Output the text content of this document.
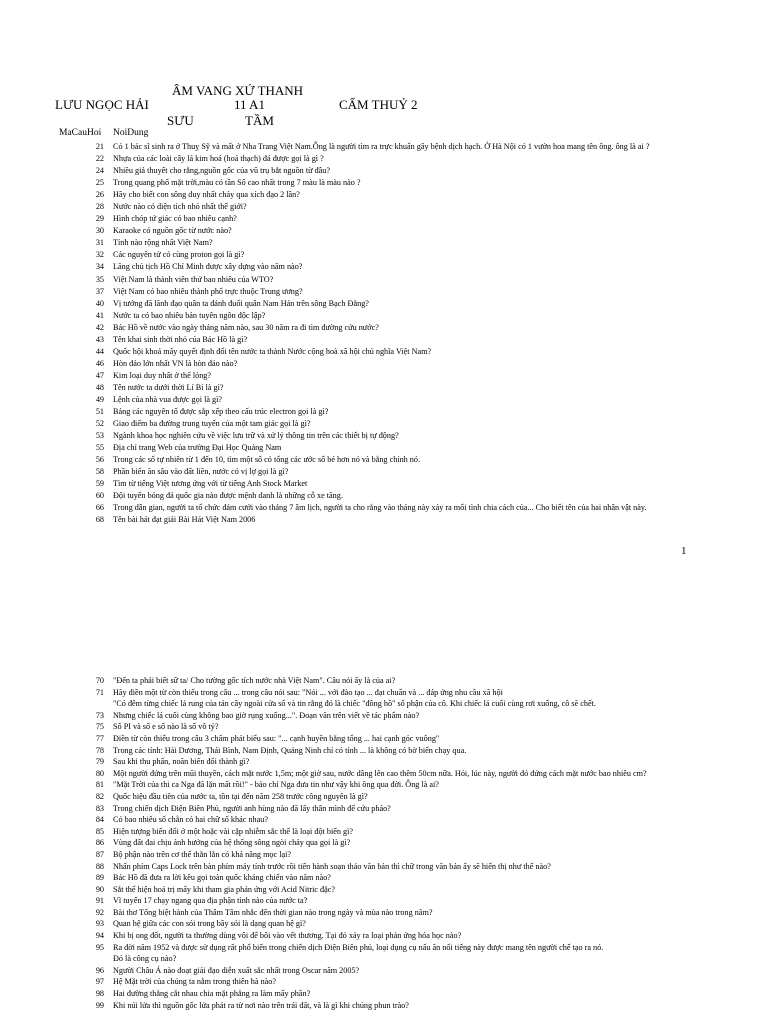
ÂM VANG XỨ THANH
LƯU NGỌC HẢI	11 A1	CẨM THUỶ 2
SƯU	TẦM
MaCauHoi NoiDung
21 Có 1 bác sĩ sinh ra ở Thuỵ Sỹ và mất ở Nha Trang Việt Nam.Ông là người tìm ra trực khuẩn gây bệnh dịch hạch. Ở Hà Nội có 1 vườn hoa mang tên ông. ông là ai ?
22 Nhựa của các loài cây lá kim hoá (hoá thạch) đá được gọi là gì ?
24 Nhiều giả thuyết cho rằng,nguồn gốc của vũ trụ bắt nguồn từ đâu?
25 Trong quang phổ mặt trời,màu có tần Số cao nhất trong 7 màu là màu nào ?
26 Hãy cho biết con sông duy nhất chảy qua xích đạo 2 lần?
28 Nước nào có diện tích nhỏ nhất thế giới?
29 Hình chóp tứ giác có bao nhiêu cạnh?
30 Karaoke có nguồn gốc từ nước nào?
31 Tỉnh nào rộng nhất Việt Nam?
32 Các nguyên tử có cùng proton gọi là gì?
34 Lăng chủ tịch Hồ Chí Minh được xây dựng vào năm nào?
35 Việt Nam là thành viên thứ bao nhiêu của WTO?
37 Việt Nam có bao nhiêu thành phố trực thuộc Trung ương?
40 Vị tướng đã lãnh đạo quân ta đánh đuổi quân Nam Hán trên sông Bạch Đằng?
41 Nước ta có bao nhiêu bản tuyên ngôn độc lập?
42 Bác Hồ về nước vào ngày tháng năm nào, sau 30 năm ra đi tìm đường cứu nước?
43 Tên khai sinh thời nhỏ của Bác Hồ là gì?
44 Quốc hội khoá mấy quyết định đổi tên nước ta thành Nước cộng hoà xã hội chủ nghĩa Việt Nam?
46 Hòn đảo lớn nhất VN là hòn đảo nào?
47 Kim loại duy nhất ở thể lỏng?
48 Tên nước ta dưới thời Lí Bí là gì?
49 Lệnh của nhà vua được gọi là gì?
51 Bảng các nguyên tố được sắp xếp theo cấu trúc electron gọi là gì?
52 Giao điểm ba đường trung tuyến của một tam giác gọi là gì?
53 Ngành khoa học nghiên cứu về việc lưu trữ và xử lý thông tin trên các thiết bị tự động?
55 Địa chỉ trang Web của trường Đại Học Quảng Nam
56 Trong các số tự nhiên từ 1 đến 10, tìm một số có tổng các ước số bé hơn nó và bằng chính nó.
58 Phần biển ăn sâu vào đất liền, nước có vị lợ gọi là gì?
59 Tìm từ tiếng Việt tương ứng với từ tiếng Anh Stock Market
60 Đội tuyển bóng đá quốc gia nào được mệnh danh là những cỗ xe tăng.
66 Trong dân gian, người ta tổ chức đám cưới vào tháng 7 âm lịch, người ta cho rằng vào tháng này xảy ra mối tình chia cách của... Cho biết tên của hai nhân vật này.
68 Tên bài hát đạt giải Bài Hát Việt Nam 2006
1
70 "Đến ta phải biết sữ ta/ Cho tường gốc tích nước nhà Việt Nam". Câu nói ấy là của ai?
71 Hãy điền một từ còn thiếu trong câu ... trong câu nói sau: "Nói ... với đào tạo ... đạt chuẩn và ... đáp ứng nhu cầu xã hội
"Có đêm từng chiếc lá rung của tán cây ngoài cửa sổ và tin rằng đó là chiếc "đồng hồ" số phận của cô. Khi chiếc lá cuối cùng rơi xuống, cô sẽ chết.
73 Nhưng chiếc lá cuối cùng không bao giờ rụng xuống...". Đoạn văn trên viết về tác phẩm nào?
75 Số PI và số e số nào là số vô tỷ?
77 Điền từ còn thiếu trong câu 3 chấm phát biểu sau: "... cạnh huyền bằng tổng ... hai cạnh góc vuông"
78 Trong các tỉnh: Hải Dương, Thái Bình, Nam Định, Quảng Ninh chỉ có tỉnh ... là không có bờ biển chạy qua.
79 Sau khi thu phấn, noãn biến đổi thành gì?
80 Một người đứng trên mũi thuyền, cách mặt nước 1,5m; một giờ sau, nước dâng lên cao thêm 50cm nữa. Hỏi, lúc này, người đó đứng cách mặt nước bao nhiêu cm?
81 "Mặt Trời của thi ca Nga đã lặn mất rồi!" - báo chí Nga đưa tin như vậy khi ông qua đời. Ông là ai?
82 Quốc hiệu đầu tiên của nước ta, tồn tại đến năm 258 trước công nguyên là gì?
83 Trong chiến dịch Điện Biên Phủ, người anh hùng nào đã lấy thân mình để cứu pháo?
84 Có bao nhiêu số chẵn có hai chữ số khác nhau?
85 Hiện tượng biến đổi ở một hoặc vài cặp nhiễm sắc thể là loại đột biến gì?
86 Vùng đất đai chịu ảnh hưởng của hệ thống sông ngòi chảy qua gọi là gì?
87 Bộ phận nào trên cơ thể thằn lằn có khả năng mọc lại?
88 Nhấn phím Caps Lock trên bàn phím máy tính trước rồi tiến hành soạn thảo văn bản thì chữ trong văn bản ấy sẽ hiển thị như thế nào?
89 Bác Hồ đã đưa ra lời kêu gọi toàn quốc kháng chiến vào năm nào?
90 Sắt thể hiện hoá trị mấy khi tham gia phản ứng với Acid Nitric đặc?
91 Vĩ tuyến 17 chạy ngang qua địa phận tỉnh nào của nước ta?
92 Bài thơ Tống biệt hành của Thâm Tâm nhắc đến thời gian nào trong ngày và mùa nào trong năm?
93 Quan hệ giữa các con sói trong bầy sói là dạng quan hệ gì?
94 Khi bị ong đốt, người ta thường dùng vôi để bôi vào vết thương. Tại đó xảy ra loại phản ứng hóa học nào?
95 Ra đời năm 1952 và được sử dụng rất phổ biến trong chiến dịch Điện Biên phủ, loại dụng cụ nấu ăn nổi tiếng này được mang tên người chế tạo ra nó.
Đó là công cụ nào?
96 Người Châu Á nào đoạt giải đạo diễn xuất sắc nhất trong Oscar năm 2005?
97 Hệ Mặt trời của chúng ta nằm trong thiên hà nào?
98 Hai đường thẳng cắt nhau chia mặt phẳng ra làm mấy phần?
99 Khi núi lửa thì nguồn gốc lửa phát ra từ nơi nào trên trái đất, và là gì khi chúng phun trào?
